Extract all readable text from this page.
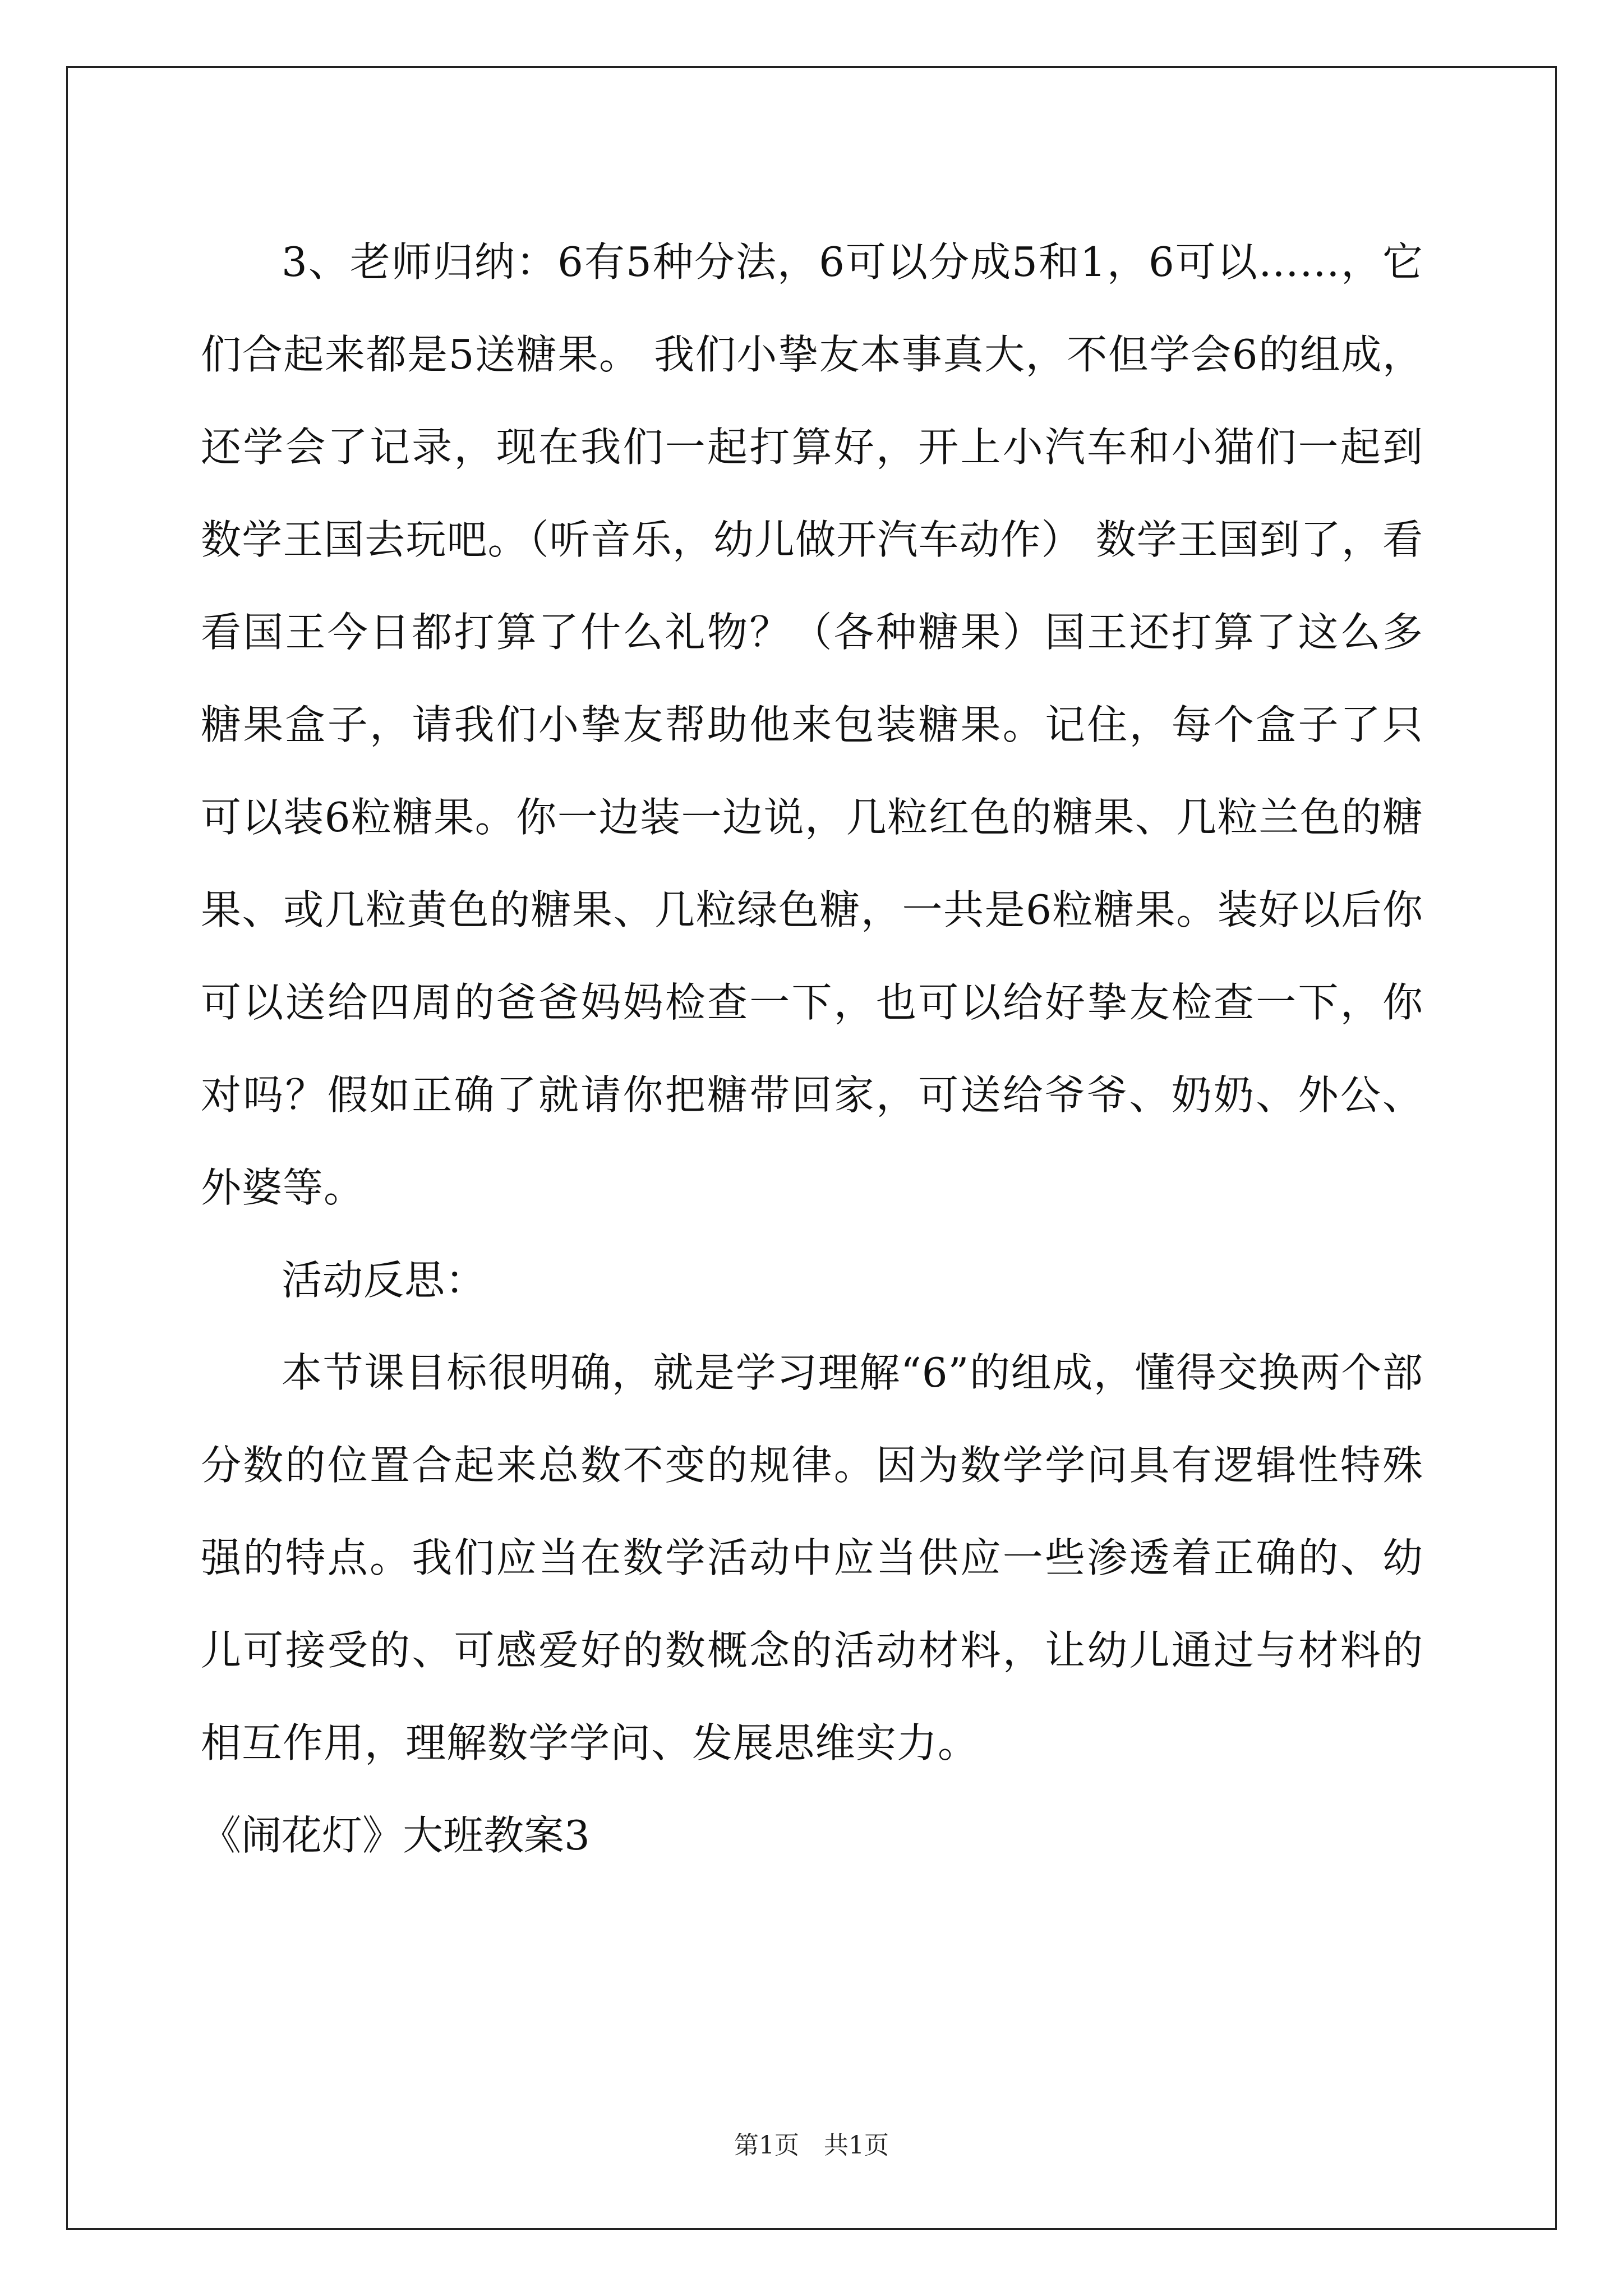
3、老师归纳：6有5种分法，6可以分成5和1，6可以……，它们合起来都是5送糖果。 我们小挚友本事真大，不但学会6的组成，还学会了记录，现在我们一起打算好，开上小汽车和小猫们一起到数学王国去玩吧。（听音乐，幼儿做开汽车动作） 数学王国到了，看看国王今日都打算了什么礼物？（各种糖果）国王还打算了这么多糖果盒子，请我们小挚友帮助他来包装糖果。记住，每个盒子了只可以装6粒糖果。你一边装一边说，几粒红色的糖果、几粒兰色的糖果、或几粒黄色的糖果、几粒绿色糖，一共是6粒糖果。装好以后你可以送给四周的爸爸妈妈检查一下，也可以给好挚友检查一下，你对吗？假如正确了就请你把糖带回家，可送给爷爷、奶奶、外公、外婆等。

活动反思：

本节课目标很明确，就是学习理解“6”的组成，懂得交换两个部分数的位置合起来总数不变的规律。因为数学学问具有逻辑性特殊强的特点。我们应当在数学活动中应当供应一些渗透着正确的、幼儿可接受的、可感爱好的数概念的活动材料，让幼儿通过与材料的相互作用，理解数学学问、发展思维实力。

《闹花灯》大班教案3

第1页　共1页
